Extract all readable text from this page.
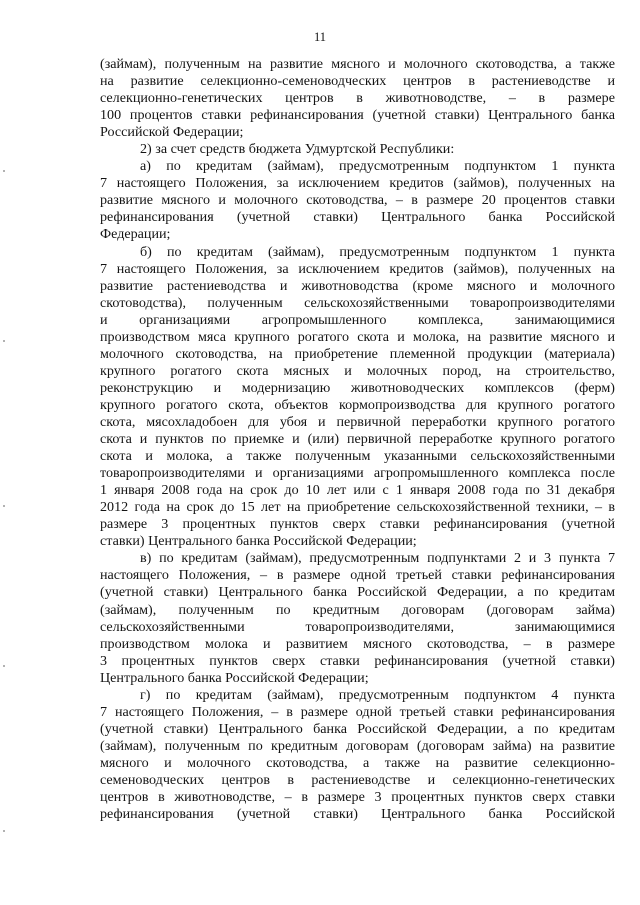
11
(займам), полученным на развитие мясного и молочного скотоводства, а также
на развитие селекционно-семеноводческих центров в растениеводстве и
селекционно-генетических центров в животноводстве, – в размере
100 процентов ставки рефинансирования (учетной ставки) Центрального банка
Российской Федерации;
2) за счет средств бюджета Удмуртской Республики:
а) по кредитам (займам), предусмотренным подпунктом 1 пункта
7 настоящего Положения, за исключением кредитов (займов), полученных на
развитие мясного и молочного скотоводства, – в размере 20 процентов ставки
рефинансирования (учетной ставки) Центрального банка Российской
Федерации;
б) по кредитам (займам), предусмотренным подпунктом 1 пункта
7 настоящего Положения, за исключением кредитов (займов), полученных на
развитие растениеводства и животноводства (кроме мясного и молочного
скотоводства), полученным сельскохозяйственными товаропроизводителями
и организациями агропромышленного комплекса, занимающимися
производством мяса крупного рогатого скота и молока, на развитие мясного и
молочного скотоводства, на приобретение племенной продукции (материала)
крупного рогатого скота мясных и молочных пород, на строительство,
реконструкцию и модернизацию животноводческих комплексов (ферм)
крупного рогатого скота, объектов кормопроизводства для крупного рогатого
скота, мясохладобоен для убоя и первичной переработки крупного рогатого
скота и пунктов по приемке и (или) первичной переработке крупного рогатого
скота и молока, а также полученным указанными сельскохозяйственными
товаропроизводителями и организациями агропромышленного комплекса после
1 января 2008 года на срок до 10 лет или с 1 января 2008 года по 31 декабря
2012 года на срок до 15 лет на приобретение сельскохозяйственной техники, – в
размере 3 процентных пунктов сверх ставки рефинансирования (учетной
ставки) Центрального банка Российской Федерации;
в) по кредитам (займам), предусмотренным подпунктами 2 и 3 пункта 7
настоящего Положения, – в размере одной третьей ставки рефинансирования
(учетной ставки) Центрального банка Российской Федерации, а по кредитам
(займам), полученным по кредитным договорам (договорам займа)
сельскохозяйственными товаропроизводителями, занимающимися
производством молока и развитием мясного скотоводства, – в размере
3 процентных пунктов сверх ставки рефинансирования (учетной ставки)
Центрального банка Российской Федерации;
г) по кредитам (займам), предусмотренным подпунктом 4 пункта
7 настоящего Положения, – в размере одной третьей ставки рефинансирования
(учетной ставки) Центрального банка Российской Федерации, а по кредитам
(займам), полученным по кредитным договорам (договорам займа) на развитие
мясного и молочного скотоводства, а также на развитие селекционно-
семеноводческих центров в растениеводстве и селекционно-генетических
центров в животноводстве, – в размере 3 процентных пунктов сверх ставки
рефинансирования (учетной ставки) Центрального банка Российской
